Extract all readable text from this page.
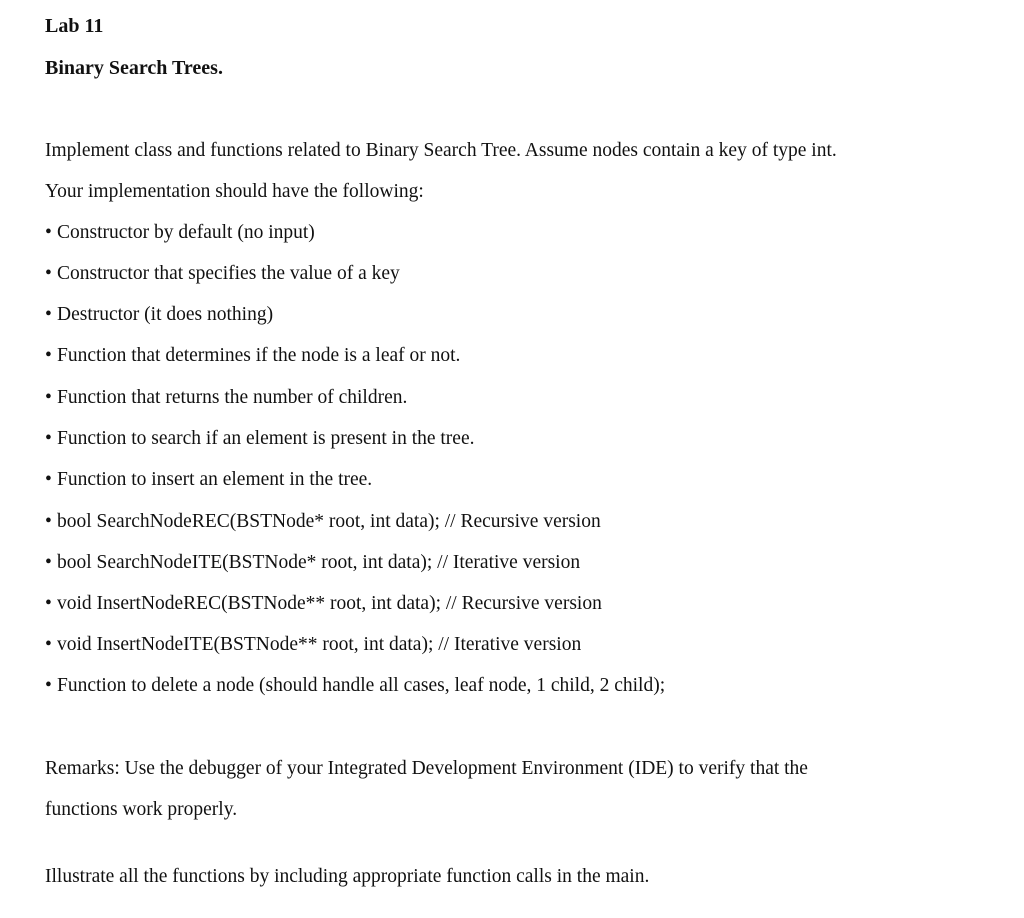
Lab 11
Binary Search Trees.
Implement class and functions related to Binary Search Tree. Assume nodes contain a key of type int.
Your implementation should have the following:
• Constructor by default (no input)
• Constructor that specifies the value of a key
• Destructor (it does nothing)
• Function that determines if the node is a leaf or not.
• Function that returns the number of children.
• Function to search if an element is present in the tree.
• Function to insert an element in the tree.
• bool SearchNodeREC(BSTNode* root, int data); // Recursive version
• bool SearchNodeITE(BSTNode* root, int data); // Iterative version
• void InsertNodeREC(BSTNode** root, int data); // Recursive version
• void InsertNodeITE(BSTNode** root, int data); // Iterative version
• Function to delete a node (should handle all cases, leaf node, 1 child, 2 child);
Remarks: Use the debugger of your Integrated Development Environment (IDE) to verify that the
functions work properly.
Illustrate all the functions by including appropriate function calls in the main.
